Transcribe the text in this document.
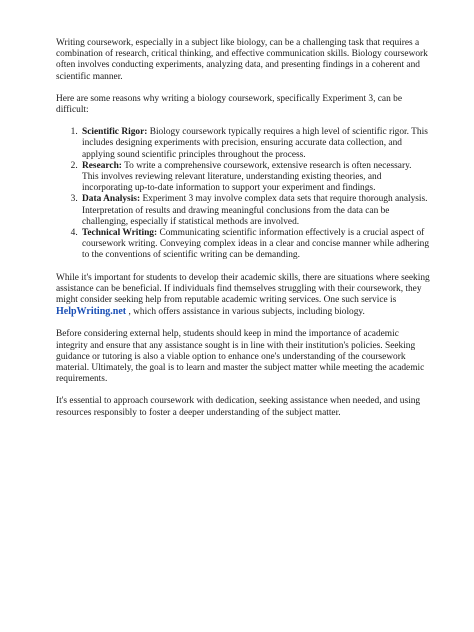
Writing coursework, especially in a subject like biology, can be a challenging task that requires a combination of research, critical thinking, and effective communication skills. Biology coursework often involves conducting experiments, analyzing data, and presenting findings in a coherent and scientific manner.

Here are some reasons why writing a biology coursework, specifically Experiment 3, can be difficult:

1. Scientific Rigor: Biology coursework typically requires a high level of scientific rigor. This includes designing experiments with precision, ensuring accurate data collection, and applying sound scientific principles throughout the process.
2. Research: To write a comprehensive coursework, extensive research is often necessary. This involves reviewing relevant literature, understanding existing theories, and incorporating up-to-date information to support your experiment and findings.
3. Data Analysis: Experiment 3 may involve complex data sets that require thorough analysis. Interpretation of results and drawing meaningful conclusions from the data can be challenging, especially if statistical methods are involved.
4. Technical Writing: Communicating scientific information effectively is a crucial aspect of coursework writing. Conveying complex ideas in a clear and concise manner while adhering to the conventions of scientific writing can be demanding.

While it's important for students to develop their academic skills, there are situations where seeking assistance can be beneficial. If individuals find themselves struggling with their coursework, they might consider seeking help from reputable academic writing services. One such service is HelpWriting.net , which offers assistance in various subjects, including biology.

Before considering external help, students should keep in mind the importance of academic integrity and ensure that any assistance sought is in line with their institution's policies. Seeking guidance or tutoring is also a viable option to enhance one's understanding of the coursework material. Ultimately, the goal is to learn and master the subject matter while meeting the academic requirements.

It's essential to approach coursework with dedication, seeking assistance when needed, and using resources responsibly to foster a deeper understanding of the subject matter.
